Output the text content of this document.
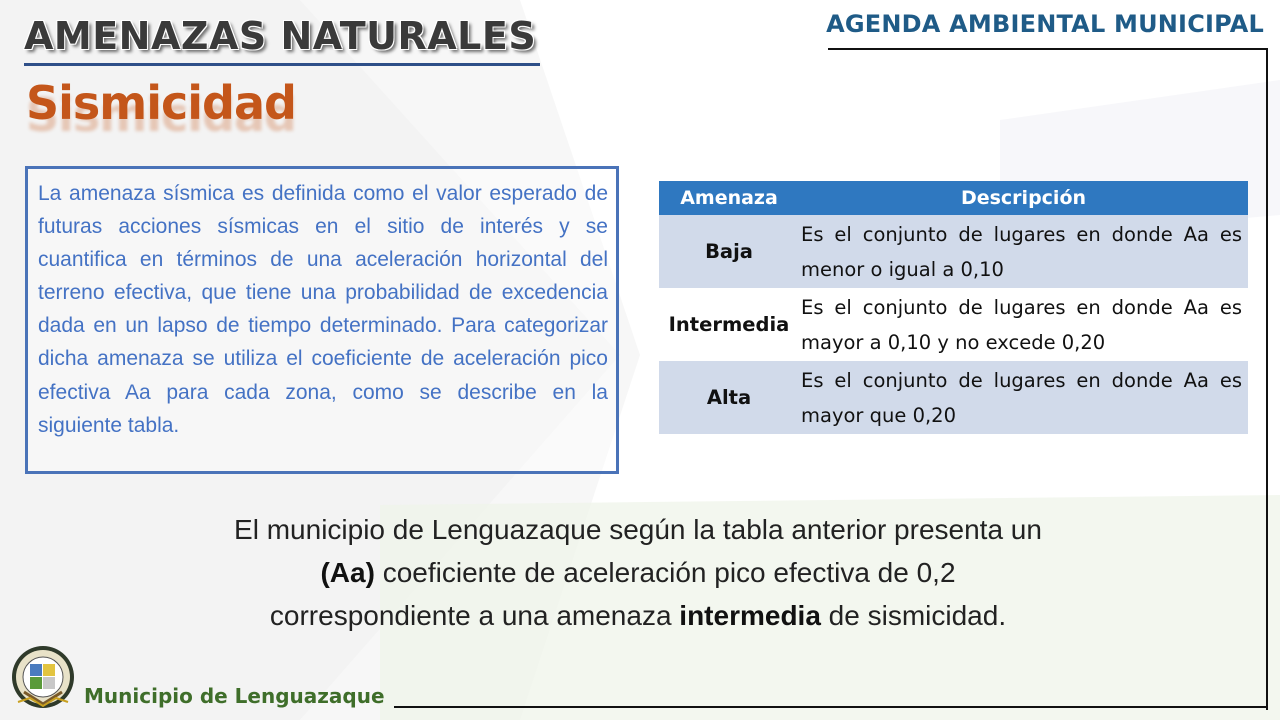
AMENAZAS NATURALES
Sismicidad
AGENDA AMBIENTAL MUNICIPAL

La amenaza sísmica es definida como el valor esperado de futuras acciones sísmicas en el sitio de interés y se cuantifica en términos de una aceleración horizontal del terreno efectiva, que tiene una probabilidad de excedencia dada en un lapso de tiempo determinado. Para categorizar dicha amenaza se utiliza el coeficiente de aceleración pico efectiva Aa para cada zona, como se describe en la siguiente tabla.

Amenaza	Descripción
Baja	Es el conjunto de lugares en donde Aa es menor o igual a 0,10
Intermedia	Es el conjunto de lugares en donde Aa es mayor a 0,10 y no excede 0,20
Alta	Es el conjunto de lugares en donde Aa es mayor que 0,20
El municipio de Lenguazaque según la tabla anterior presenta un (Aa) coeficiente de aceleración pico efectiva de 0,2 correspondiente a una amenaza intermedia de sismicidad.
Municipio de Lenguazaque
